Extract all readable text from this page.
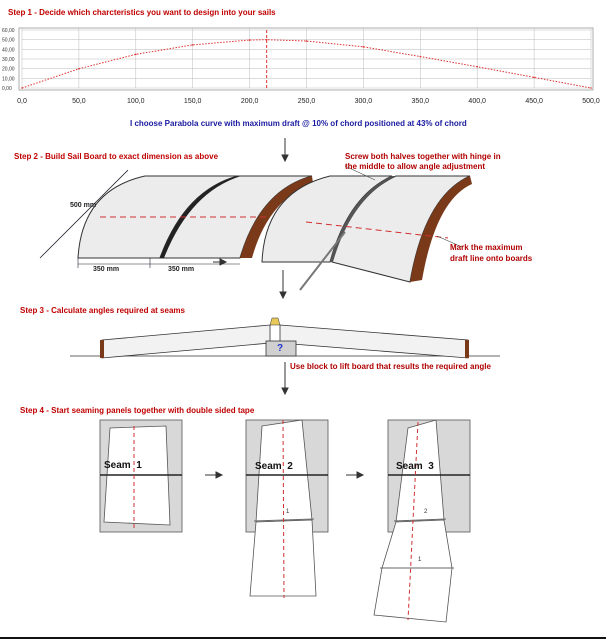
Step 1 - Decide which charcteristics you want to design into your sails
0,00
10,00
20,00
30,00
40,00
50,00
60,00
0,0	50,0	100,0	150,0	200,0	250,0	300,0	350,0	400,0	450,0	500,0
I choose Parabola curve with maximum draft @ 10% of chord positioned at 43% of chord
Step 2 - Build Sail Board to exact dimension as above	Screw both halves together with hinge in
the middle to allow angle adjustment
500 mm
350 mm	350 mm
Mark the maximum
draft line onto boards
Step 3 - Calculate angles required at seams
?
Use block to lift board that results the required angle
Step 4 - Start seaming panels together with double sided tape
Seam 1	Seam 2	Seam 3
1	2
1
